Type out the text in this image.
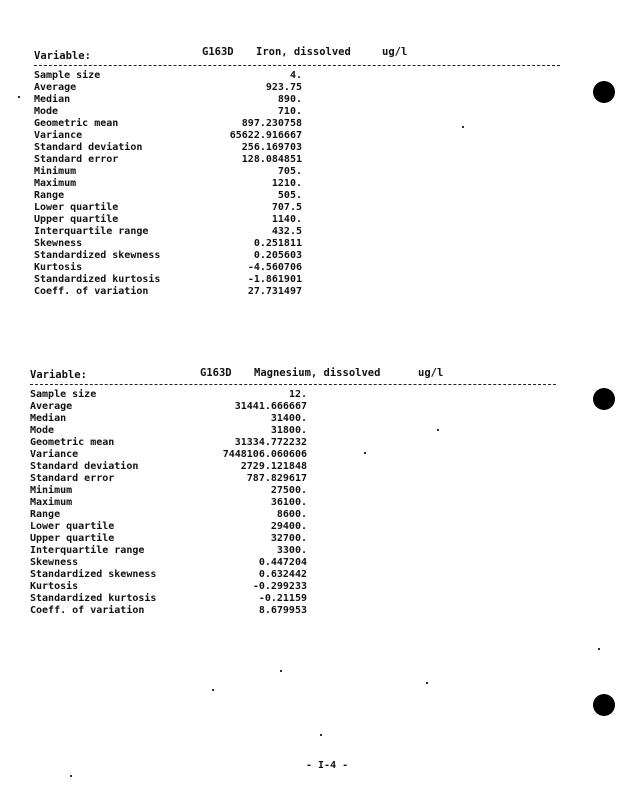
Variable:	G163D Iron, dissolved	ug/l
Sample size	4.
Average	923.75
Median	890.
Mode	710.
Geometric mean	897.230758
Variance	65622.916667
Standard deviation	256.169703
Standard error	128.084851
Minimum	705.
Maximum	1210.
Range	505.
Lower quartile	707.5
Upper quartile	1140.
Interquartile range	432.5
Skewness	0.251811
Standardized skewness	0.205603
Kurtosis	-4.560706
Standardized kurtosis	-1.861901
Coeff. of variation	27.731497
Variable:	G163D Magnesium, dissolved	ug/l
Sample size	12.
Average	31441.666667
Median	31400.
Mode	31800.
Geometric mean	31334.772232
Variance	7448106.060606
Standard deviation	2729.121848
Standard error	787.829617
Minimum	27500.
Maximum	36100.
Range	8600.
Lower quartile	29400.
Upper quartile	32700.
Interquartile range	3300.
Skewness	0.447204
Standardized skewness	0.632442
Kurtosis	-0.299233
Standardized kurtosis	-0.21159
Coeff. of variation	8.679953
- I-4 -
